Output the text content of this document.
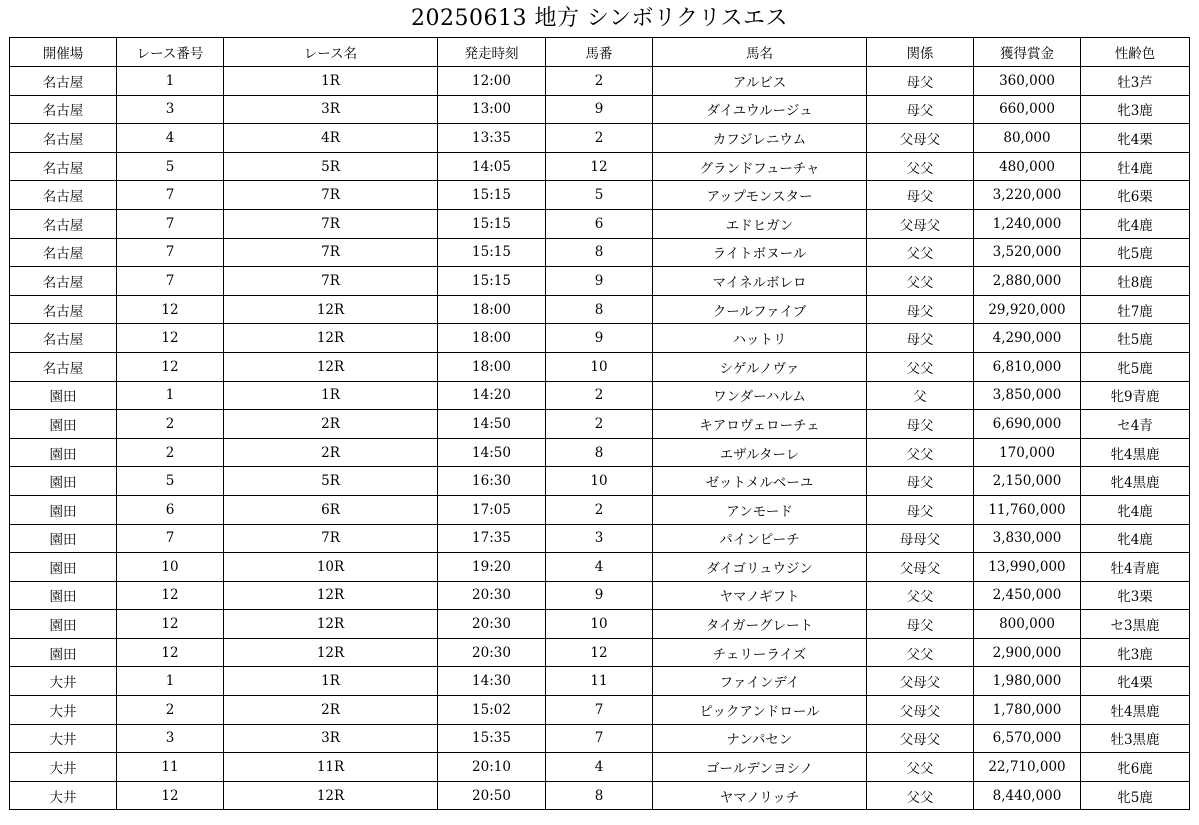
20250613 地方 シンボリクリスエス
開催場	レース番号	レース名	発走時刻	馬番	馬名	関係	獲得賞金	性齢色
名古屋	1	1R	12:00	2	アルビス	母父	360,000	牡3芦
名古屋	3	3R	13:00	9	ダイユウルージュ	母父	660,000	牝3鹿
名古屋	4	4R	13:35	2	カフジレニウム	父母父	80,000	牝4栗
名古屋	5	5R	14:05	12	グランドフューチャ	父父	480,000	牡4鹿
名古屋	7	7R	15:15	5	アップモンスター	母父	3,220,000	牝6栗
名古屋	7	7R	15:15	6	エドヒガン	父母父	1,240,000	牝4鹿
名古屋	7	7R	15:15	8	ライトボヌール	父父	3,520,000	牝5鹿
名古屋	7	7R	15:15	9	マイネルボレロ	父父	2,880,000	牡8鹿
名古屋	12	12R	18:00	8	クールファイブ	母父	29,920,000	牡7鹿
名古屋	12	12R	18:00	9	ハットリ	母父	4,290,000	牡5鹿
名古屋	12	12R	18:00	10	シゲルノヴァ	父父	6,810,000	牝5鹿
園田	1	1R	14:20	2	ワンダーハルム	父	3,850,000	牝9青鹿
園田	2	2R	14:50	2	キアロヴェローチェ	母父	6,690,000	セ4青
園田	2	2R	14:50	8	エザルターレ	父父	170,000	牝4黒鹿
園田	5	5R	16:30	10	ゼットメルベーユ	母父	2,150,000	牝4黒鹿
園田	6	6R	17:05	2	アンモード	母父	11,760,000	牝4鹿
園田	7	7R	17:35	3	パインピーチ	母母父	3,830,000	牝4鹿
園田	10	10R	19:20	4	ダイゴリュウジン	父母父	13,990,000	牡4青鹿
園田	12	12R	20:30	9	ヤマノギフト	父父	2,450,000	牝3栗
園田	12	12R	20:30	10	タイガーグレート	母父	800,000	セ3黒鹿
園田	12	12R	20:30	12	チェリーライズ	父父	2,900,000	牝3鹿
大井	1	1R	14:30	11	ファインデイ	父母父	1,980,000	牝4栗
大井	2	2R	15:02	7	ピックアンドロール	父母父	1,780,000	牡4黒鹿
大井	3	3R	15:35	7	ナンパセン	父母父	6,570,000	牡3黒鹿
大井	11	11R	20:10	4	ゴールデンヨシノ	父父	22,710,000	牝6鹿
大井	12	12R	20:50	8	ヤマノリッチ	父父	8,440,000	牝5鹿
